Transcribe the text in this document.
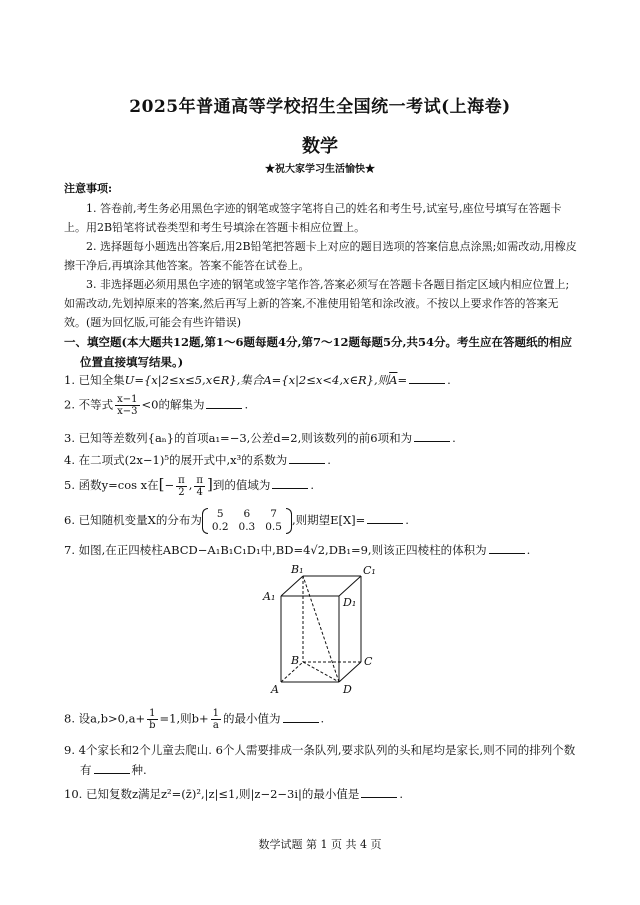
2025年普通高等学校招生全国统一考试(上海卷)
数学
★祝大家学习生活愉快★
注意事项:
1. 答卷前,考生务必用黑色字迹的钢笔或签字笔将自己的姓名和考生号,试室号,座位号填写在答题卡上。用2B铅笔将试卷类型和考生号填涂在答题卡相应位置上。
2. 选择题每小题选出答案后,用2B铅笔把答题卡上对应的题目选项的答案信息点涂黑;如需改动,用橡皮擦干净后,再填涂其他答案。答案不能答在试卷上。
3. 非选择题必须用黑色字迹的钢笔或签字笔作答,答案必须写在答题卡各题目指定区域内相应位置上;如需改动,先划掉原来的答案,然后再写上新的答案,不准使用铅笔和涂改液。不按以上要求作答的答案无效。(题为回忆版,可能会有些许错误)
一、填空题(本大题共12题,第1～6题每题4分,第7～12题每题5分,共54分。考生应在答题纸的相应
位置直接填写结果。)
1. 已知全集U={x|2≤x≤5,x∈R},集合A={x|2≤x<4,x∈R},则$\overline{A}=$	.
2. 不等式 $\frac{x-1}{x-3} <0$的解集为	.
3. 已知等差数列{aₙ}的首项a₁=−3,公差d=2,则该数列的前6项和为	.
4. 在二项式(2x−1)⁵的展开式中,x³的系数为	.
5. 函数y=cos x在[− $\frac{\pi}{2}$ , $\frac{\pi}{4}$ ]到的值域为	.
6. 已知随机变量X的分布为 5	6	7
0.2	0.3	0.5 ,则期望E[X]=	.
7. 如图,在正四棱柱ABCD−A₁B₁C₁D₁中,BD=4√2,DB₁=9,则该正四棱柱的体积为	.
B₁	C₁
A₁	D₁
B	C
A	D
8. 设$a,b>0,a+ \frac{1}{b} =1$,则$b+ \frac{1}{a}$ 的最小值为	.
9. 4个家长和2个儿童去爬山. 6个人需要排成一条队列,要求队列的头和尾均是家长,则不同的排列个数
有	种.
10. 已知复数z满足z²=(z̄)²,|z|≤1,则|z−2−3i|的最小值是	.
数学试题 第 1 页 共 4 页
